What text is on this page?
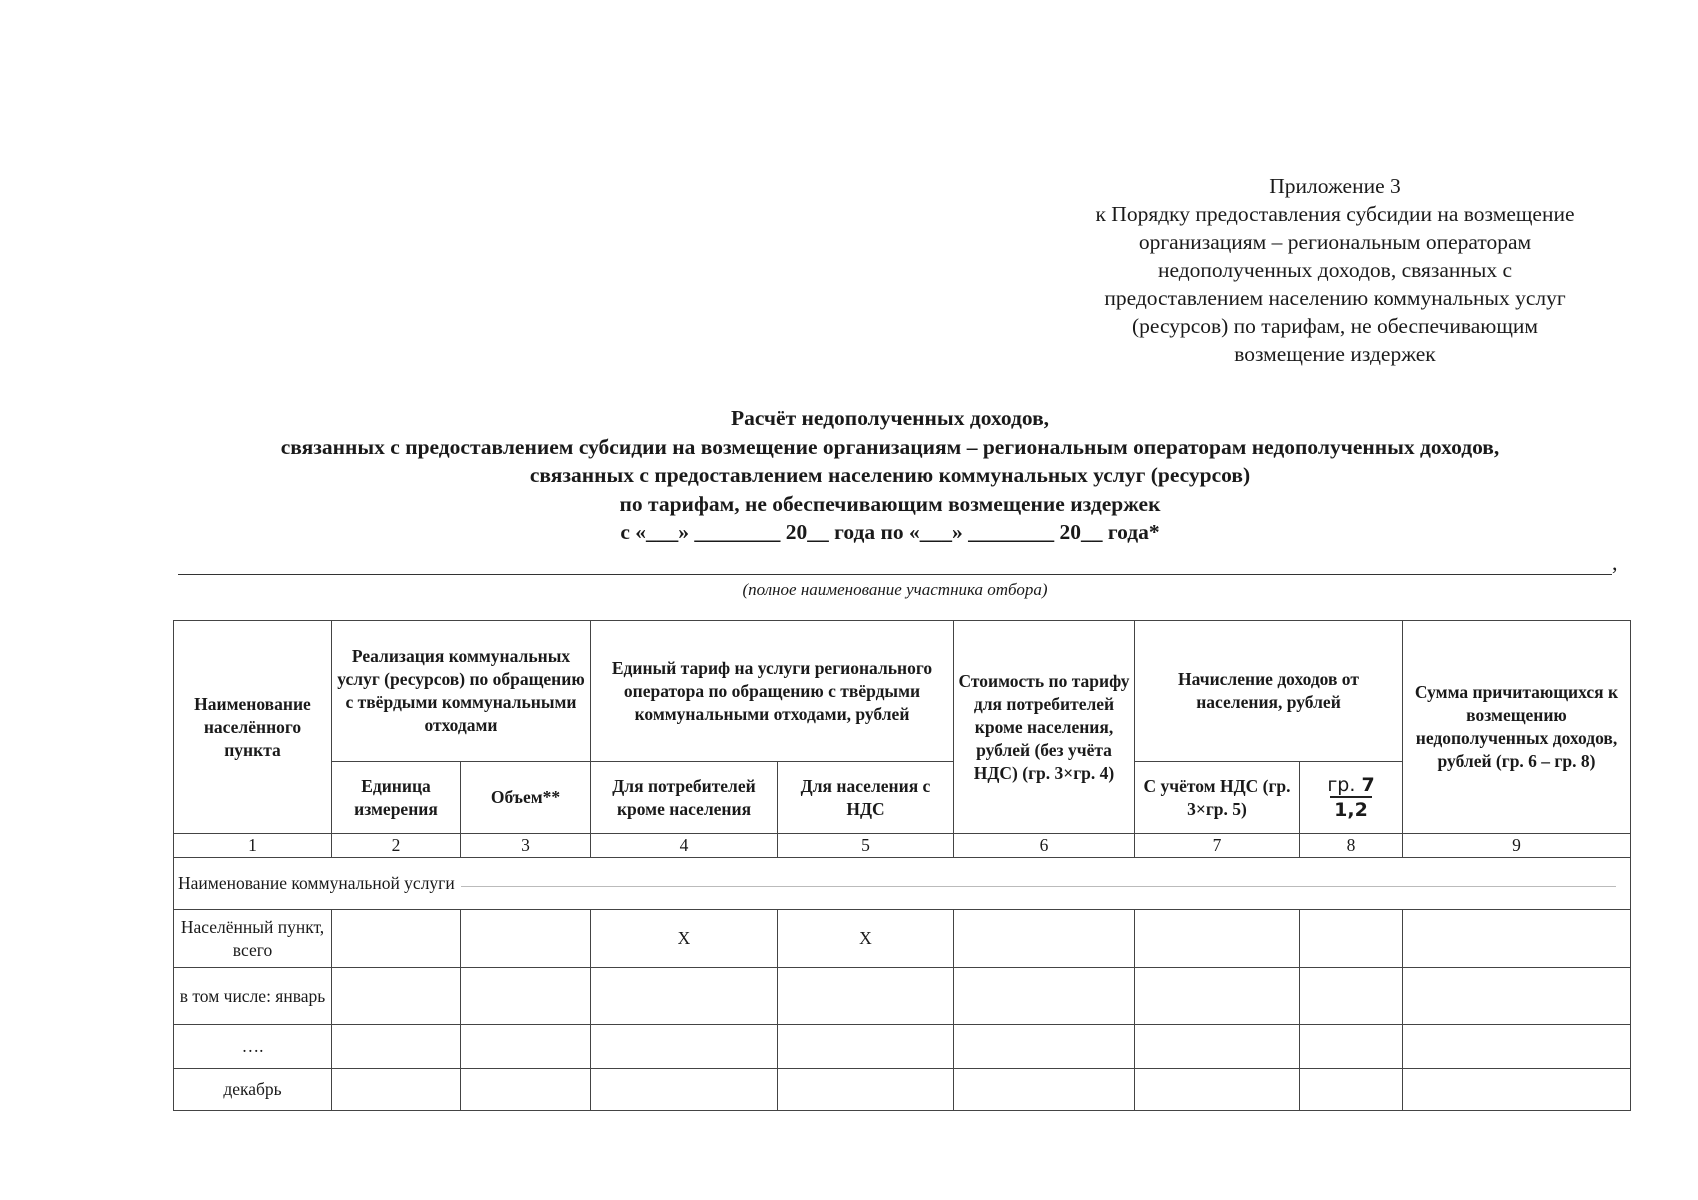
Приложение 3
к Порядку предоставления субсидии на возмещение
организациям – региональным операторам
недополученных доходов, связанных с
предоставлением населению коммунальных услуг
(ресурсов) по тарифам, не обеспечивающим
возмещение издержек
Расчёт недополученных доходов,
связанных с предоставлением субсидии на возмещение организациям – региональным операторам недополученных доходов,
связанных с предоставлением населению коммунальных услуг (ресурсов)
по тарифам, не обеспечивающим возмещение издержек
с «___» ________ 20__ года по «___» ________ 20__ года*
,
(полное наименование участника отбора)
Наименование населённого пункта	Реализация коммунальных услуг (ресурсов) по обращению с твёрдыми коммунальными отходами		Единый тариф на услуги регионального оператора по обращению с твёрдыми коммунальными отходами, рублей		Стоимость по тарифу для потребителей кроме населения, рублей (без учёта НДС) (гр. 3×гр. 4)	Начисление доходов от населения, рублей		Сумма причитающихся к возмещению недополученных доходов, рублей (гр. 6 – гр. 8)
	Единица измерения	Объем**	Для потребителей кроме населения	Для населения с НДС		С учётом НДС (гр. 3×гр. 5)	$\frac{гр. 7}{1,2}$

1	2	3	4	5	6	7	8	9

Наименование коммунальной услуги								

Населённый пункт, всего			Х	Х				
в том числе: январь								
….								
декабрь								
